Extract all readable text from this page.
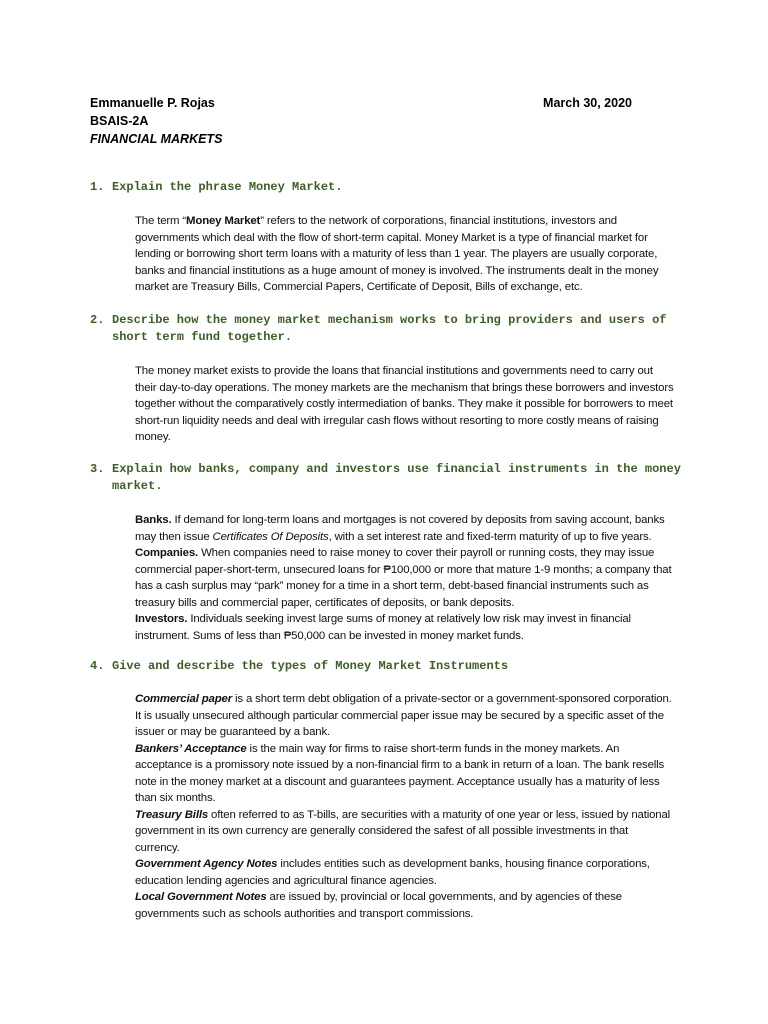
Emmanuelle P. Rojas	March 30, 2020
BSAIS-2A
FINANCIAL MARKETS
1. Explain the phrase Money Market.

The term “Money Market” refers to the network of corporations, financial institutions, investors and governments which deal with the flow of short-term capital. Money Market is a type of financial market for lending or borrowing short term loans with a maturity of less than 1 year. The players are usually corporate, banks and financial institutions as a huge amount of money is involved. The instruments dealt in the money market are Treasury Bills, Commercial Papers, Certificate of Deposit, Bills of exchange, etc.

2. Describe how the money market mechanism works to bring providers and users of short term fund together.

The money market exists to provide the loans that financial institutions and governments need to carry out their day-to-day operations. The money markets are the mechanism that brings these borrowers and investors together without the comparatively costly intermediation of banks. They make it possible for borrowers to meet short-run liquidity needs and deal with irregular cash flows without resorting to more costly means of raising money.

3. Explain how banks, company and investors use financial instruments in the money market.

Banks. If demand for long-term loans and mortgages is not covered by deposits from saving account, banks may then issue Certificates Of Deposits, with a set interest rate and fixed-term maturity of up to five years.

Companies. When companies need to raise money to cover their payroll or running costs, they may issue commercial paper-short-term, unsecured loans for ₱100,000 or more that mature 1-9 months; a company that has a cash surplus may “park” money for a time in a short term, debt-based financial instruments such as treasury bills and commercial paper, certificates of deposits, or bank deposits.

Investors. Individuals seeking invest large sums of money at relatively low risk may invest in financial instrument. Sums of less than ₱50,000 can be invested in money market funds.

4. Give and describe the types of Money Market Instruments

Commercial paper is a short term debt obligation of a private-sector or a government-sponsored corporation. It is usually unsecured although particular commercial paper issue may be secured by a specific asset of the issuer or may be guaranteed by a bank.

Bankers’ Acceptance is the main way for firms to raise short-term funds in the money markets. An acceptance is a promissory note issued by a non-financial firm to a bank in return of a loan. The bank resells note in the money market at a discount and guarantees payment. Acceptance usually has a maturity of less than six months.

Treasury Bills often referred to as T-bills, are securities with a maturity of one year or less, issued by national government in its own currency are generally considered the safest of all possible investments in that currency.

Government Agency Notes includes entities such as development banks, housing finance corporations, education lending agencies and agricultural finance agencies.

Local Government Notes are issued by, provincial or local governments, and by agencies of these governments such as schools authorities and transport commissions.
